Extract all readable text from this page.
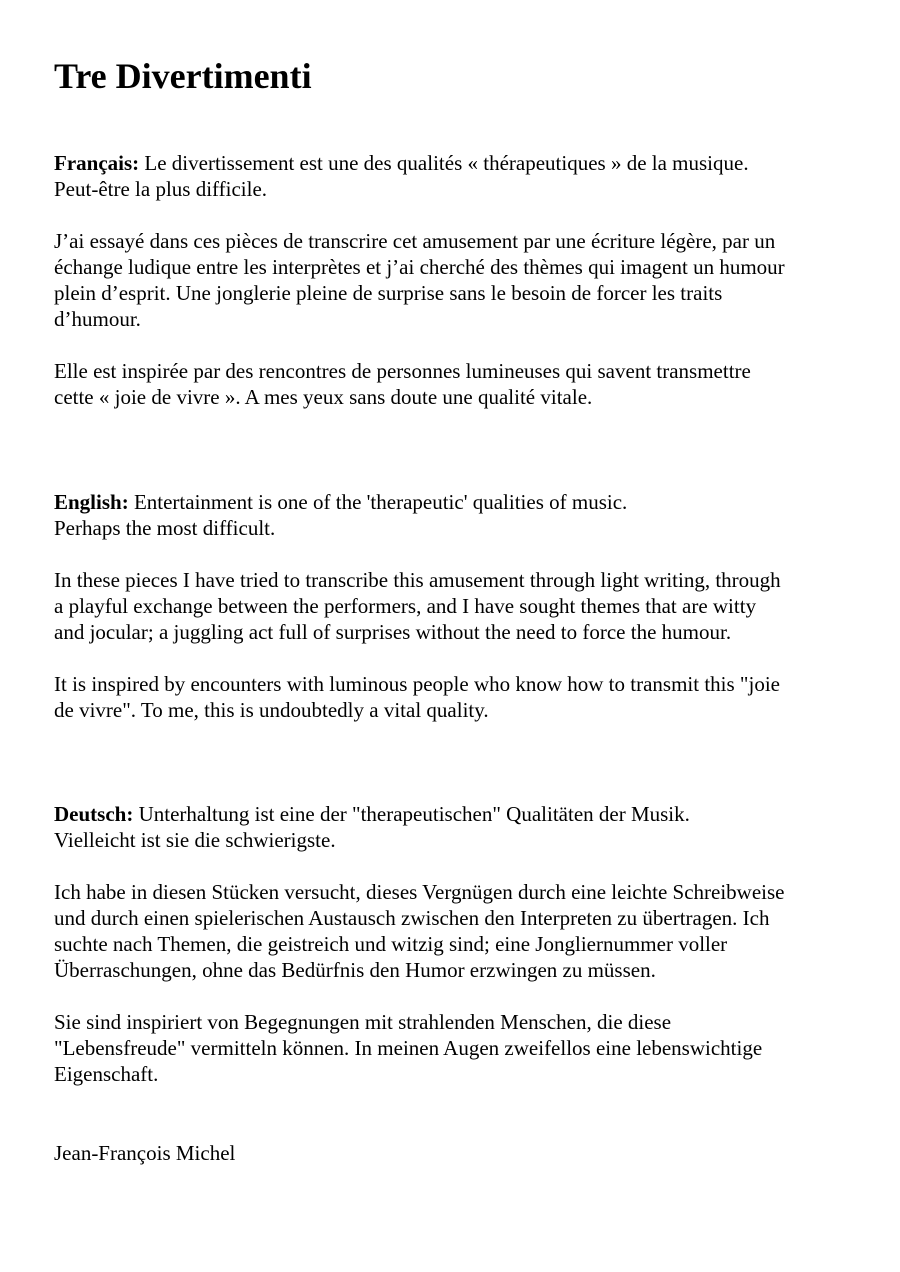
Tre Divertimenti

Français: Le divertissement est une des qualités « thérapeutiques » de la musique.
Peut-être la plus difficile.

J’ai essayé dans ces pièces de transcrire cet amusement par une écriture légère, par un
échange ludique entre les interprètes et j’ai cherché des thèmes qui imagent un humour
plein d’esprit. Une jonglerie pleine de surprise sans le besoin de forcer les traits
d’humour.

Elle est inspirée par des rencontres de personnes lumineuses qui savent transmettre
cette « joie de vivre ». A mes yeux sans doute une qualité vitale.

English: Entertainment is one of the 'therapeutic' qualities of music.
Perhaps the most difficult.

In these pieces I have tried to transcribe this amusement through light writing, through
a playful exchange between the performers, and I have sought themes that are witty
and jocular; a juggling act full of surprises without the need to force the humour.

It is inspired by encounters with luminous people who know how to transmit this "joie
de vivre". To me, this is undoubtedly a vital quality.

Deutsch: Unterhaltung ist eine der "therapeutischen" Qualitäten der Musik.
Vielleicht ist sie die schwierigste.

Ich habe in diesen Stücken versucht, dieses Vergnügen durch eine leichte Schreibweise
und durch einen spielerischen Austausch zwischen den Interpreten zu übertragen. Ich
suchte nach Themen, die geistreich und witzig sind; eine Jongliernummer voller
Überraschungen, ohne das Bedürfnis den Humor erzwingen zu müssen.

Sie sind inspiriert von Begegnungen mit strahlenden Menschen, die diese
"Lebensfreude" vermitteln können. In meinen Augen zweifellos eine lebenswichtige
Eigenschaft.

Jean-François Michel
